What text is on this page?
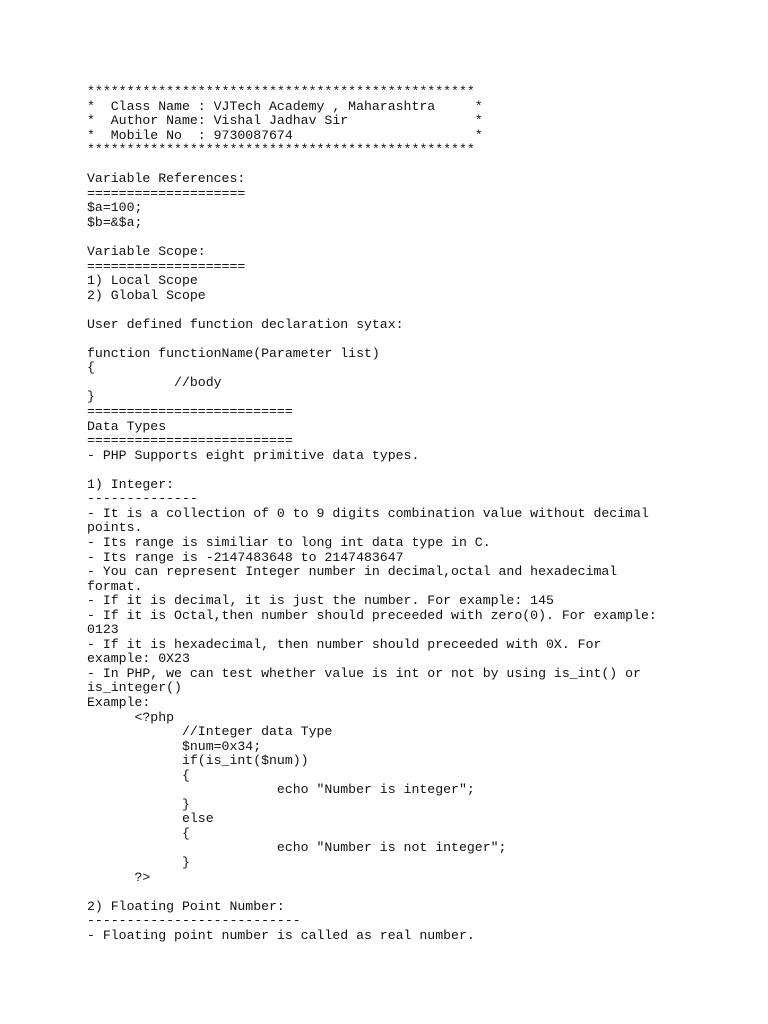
*************************************************
*  Class Name : VJTech Academy , Maharashtra     *
*  Author Name: Vishal Jadhav Sir                *
*  Mobile No  : 9730087674                       *
*************************************************
Variable References:
====================
$a=100;
$b=&$a;
Variable Scope:
====================
1) Local Scope
2) Global Scope
User defined function declaration sytax:
function functionName(Parameter list)
{
//body
}
==========================
Data Types
==========================
- PHP Supports eight primitive data types.
1) Integer:
--------------
- It is a collection of 0 to 9 digits combination value without decimal
points.
- Its range is similiar to long int data type in C.
- Its range is -2147483648 to 2147483647
- You can represent Integer number in decimal,octal and hexadecimal
format.
- If it is decimal, it is just the number. For example: 145
- If it is Octal,then number should preceeded with zero(0). For example:
0123
- If it is hexadecimal, then number should preceeded with 0X. For
example: 0X23
- In PHP, we can test whether value is int or not by using is_int() or
is_integer()
Example:
<?php
//Integer data Type
$num=0x34;
if(is_int($num))
{
echo "Number is integer";
}
else
{
echo "Number is not integer";
}
?>
2) Floating Point Number:
---------------------------
- Floating point number is called as real number.
